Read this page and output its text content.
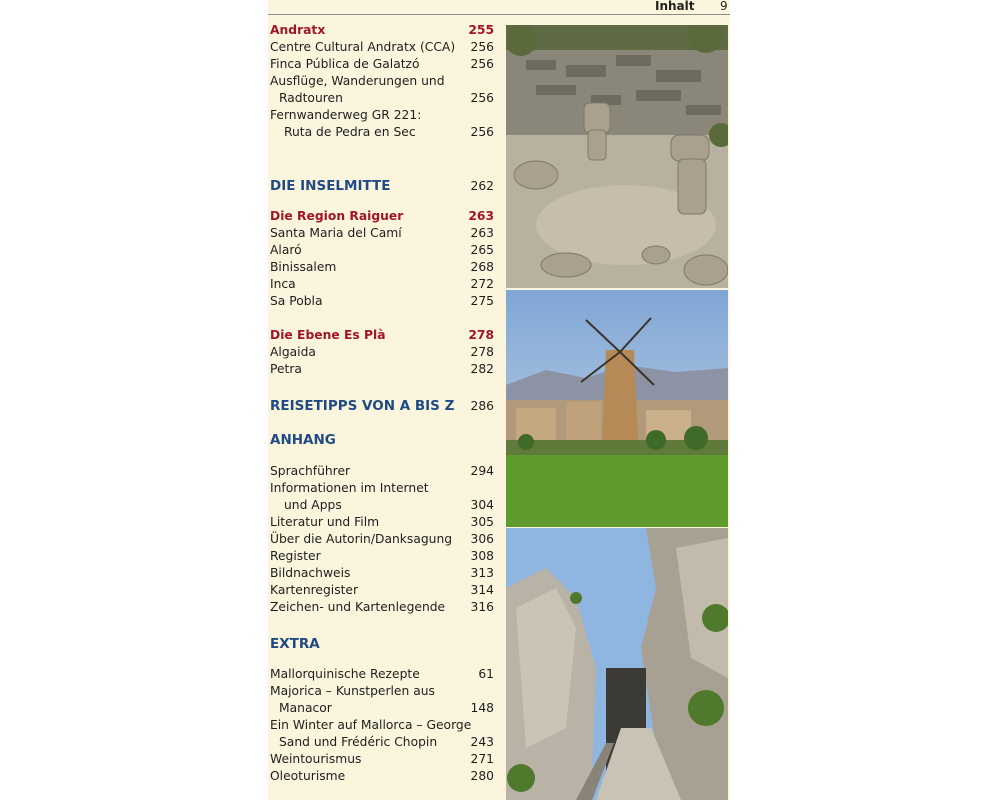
Inhalt 9
Andratx	255
Centre Cultural Andratx (CCA) 256
Finca Pública de Galatzó	256
Ausflüge, Wanderungen und
Radtouren	256
Fernwanderweg GR 221:
Ruta de Pedra en Sec	256
DIE INSELMITTE	262
Die Region Raiguer	263
Santa Maria del Camí	263
Alaró	265
Binissalem	268
Inca	272
Sa Pobla	275
Die Ebene Es Plà	278
Algaida	278
Petra	282
REISETIPPS VON A BIS Z 286
ANHANG
Sprachführer	294
Informationen im Internet
und Apps	304
Literatur und Film	305
Über die Autorin/Danksagung 306
Register	308
Bildnachweis	313
Kartenregister	314
Zeichen- und Kartenlegende 316
EXTRA
Mallorquinische Rezepte	61
Majorica – Kunstperlen aus
Manacor	148
Ein Winter auf Mallorca – George
Sand und Frédéric Chopin	243
Weintourismus	271
Oleoturisme	280
